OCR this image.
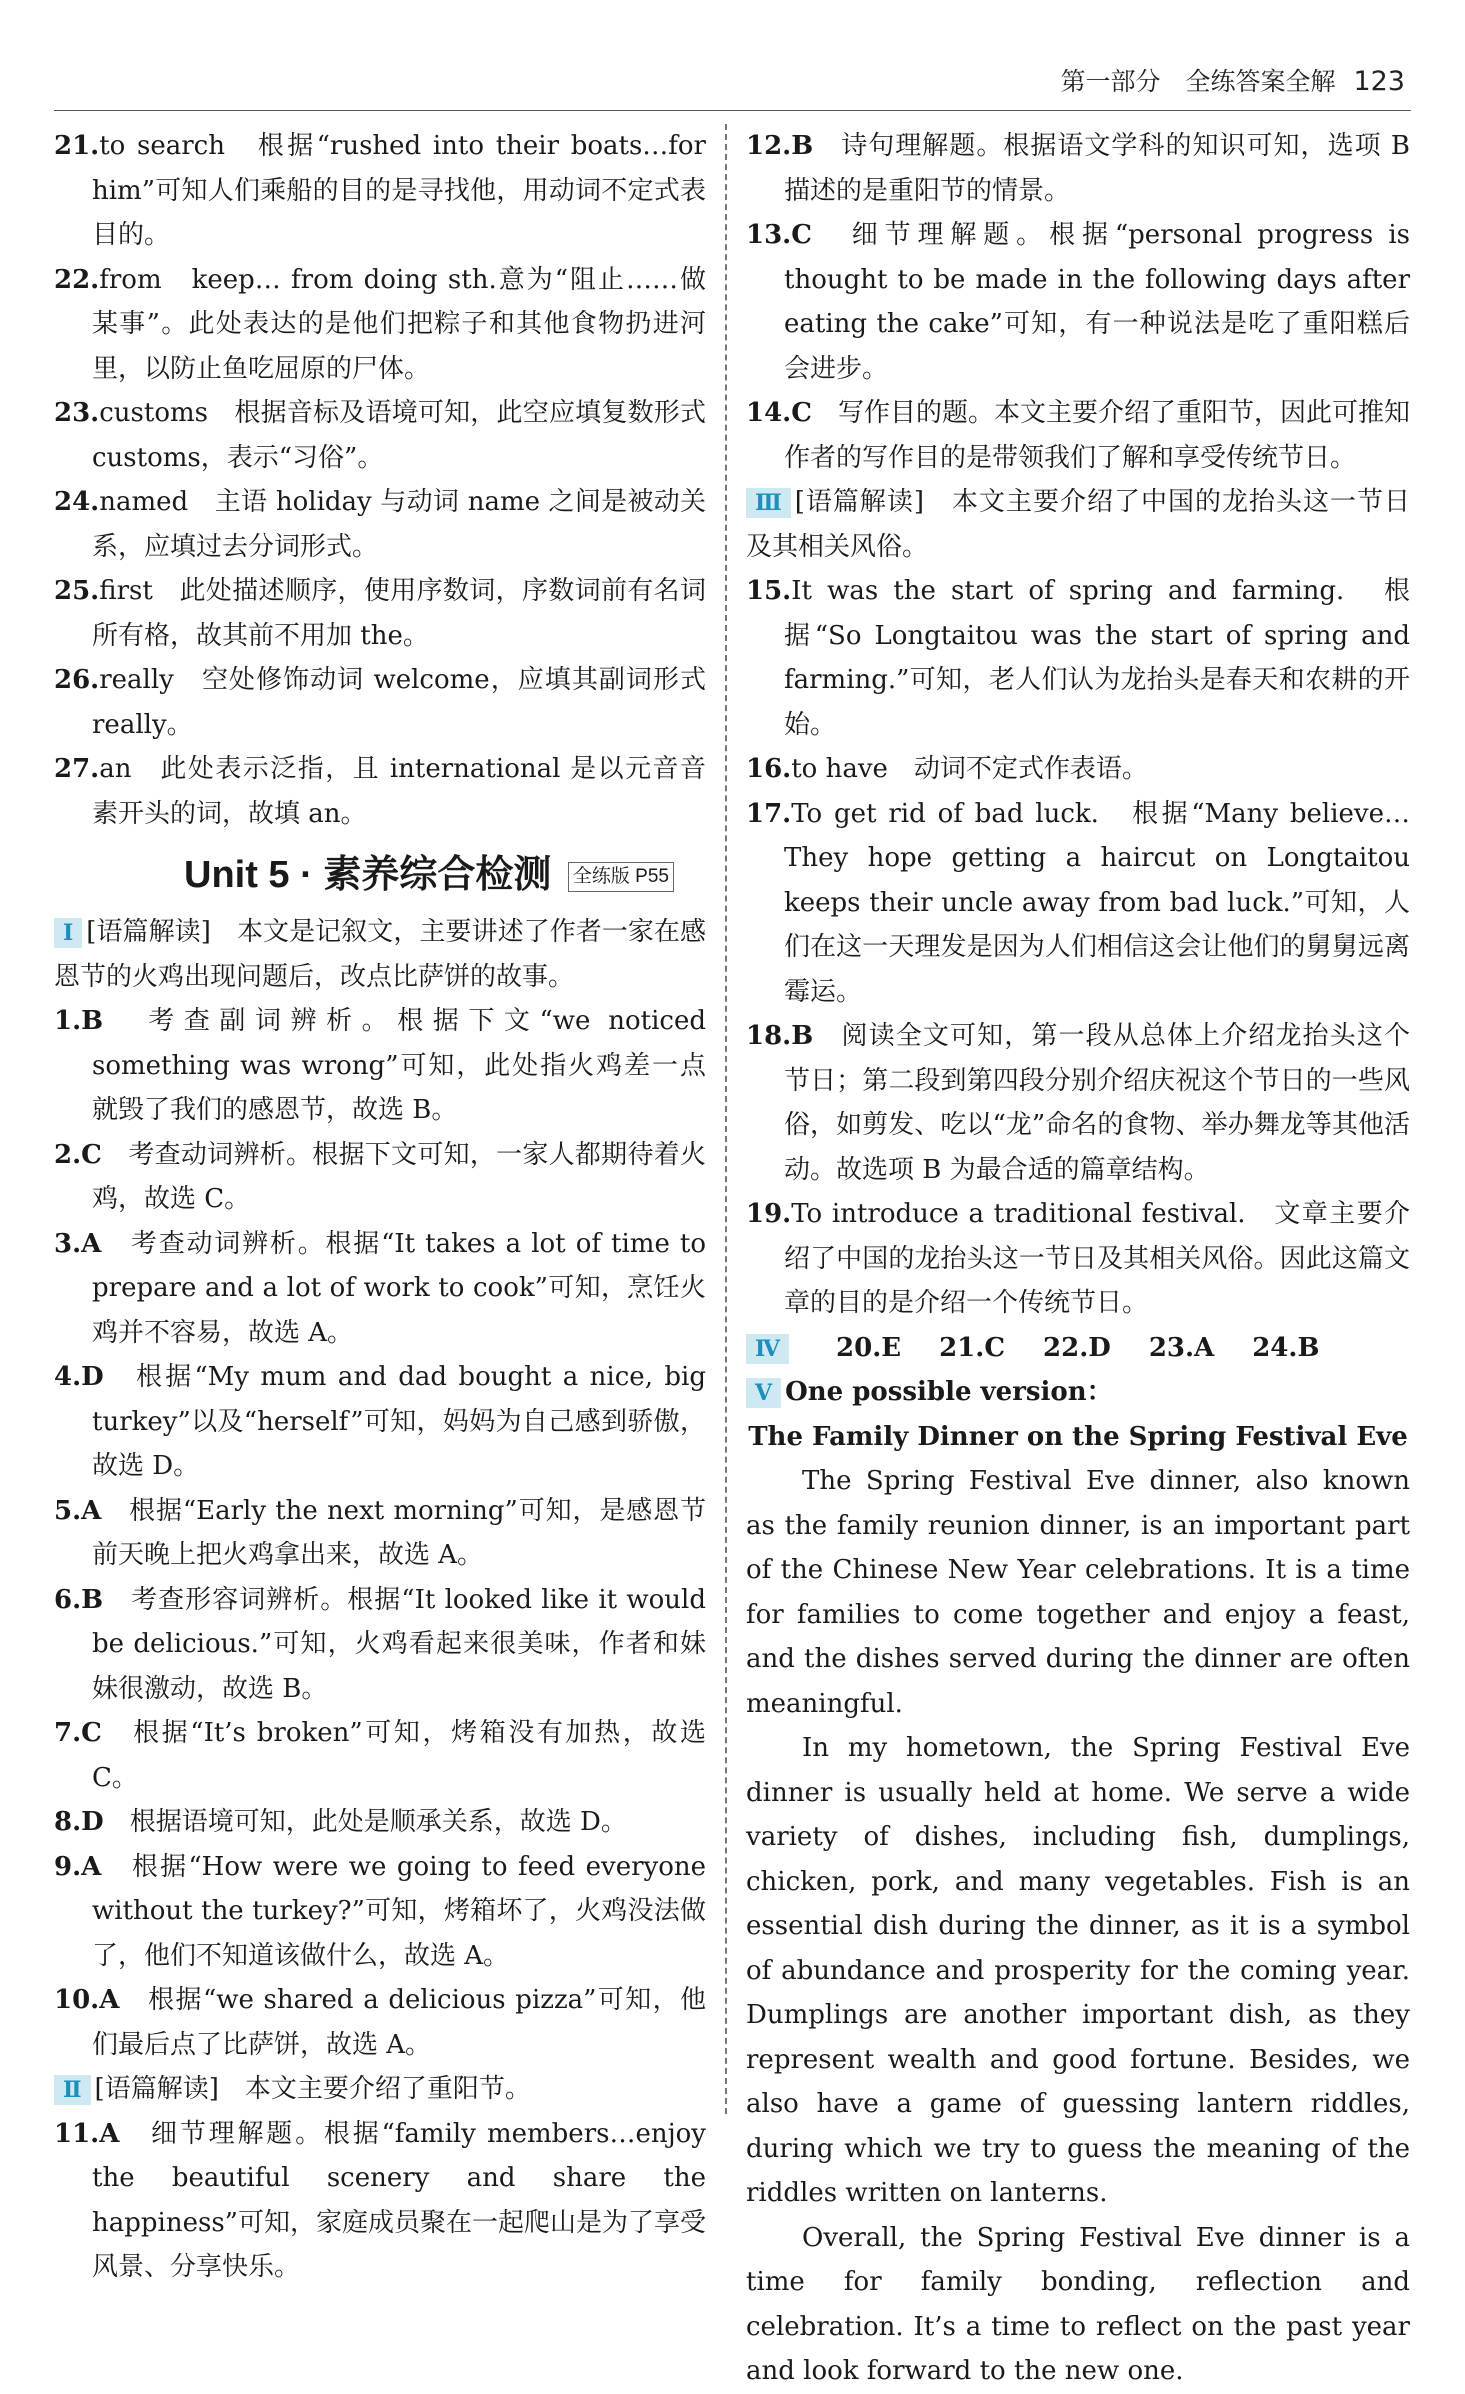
第一部分　全练答案全解 123
21.to search　根据“rushed into their boats…for him”可知人们乘船的目的是寻找他，用动词不定式表目的。
22.from　keep… from doing sth.意为“阻止……做某事”。此处表达的是他们把粽子和其他食物扔进河里，以防止鱼吃屈原的尸体。
23.customs　根据音标及语境可知，此空应填复数形式 customs，表示“习俗”。
24.named　主语 holiday 与动词 name 之间是被动关系，应填过去分词形式。
25.first　此处描述顺序，使用序数词，序数词前有名词所有格，故其前不用加 the。
26.really　空处修饰动词 welcome，应填其副词形式 really。
27.an　此处表示泛指，且 international 是以元音音素开头的词，故填 an。
Unit 5 · 素养综合检测 全练版 P55
Ⅰ [语篇解读]　本文是记叙文，主要讲述了作者一家在感恩节的火鸡出现问题后，改点比萨饼的故事。
1.B　考查副词辨析。根据下文“we noticed something was wrong”可知，此处指火鸡差一点就毁了我们的感恩节，故选 B。
2.C　考查动词辨析。根据下文可知，一家人都期待着火鸡，故选 C。
3.A　考查动词辨析。根据“It takes a lot of time to prepare and a lot of work to cook”可知，烹饪火鸡并不容易，故选 A。
4.D　根据“My mum and dad bought a nice, big turkey”以及“herself”可知，妈妈为自己感到骄傲，故选 D。
5.A　根据“Early the next morning”可知，是感恩节前天晚上把火鸡拿出来，故选 A。
6.B　考查形容词辨析。根据“It looked like it would be delicious.”可知，火鸡看起来很美味，作者和妹妹很激动，故选 B。
7.C　根据“It’s broken”可知，烤箱没有加热，故选 C。
8.D　根据语境可知，此处是顺承关系，故选 D。
9.A　根据“How were we going to feed everyone without the turkey?”可知，烤箱坏了，火鸡没法做了，他们不知道该做什么，故选 A。
10.A　根据“we shared a delicious pizza”可知，他们最后点了比萨饼，故选 A。
Ⅱ [语篇解读]　本文主要介绍了重阳节。
11.A　细节理解题。根据“family members…enjoy the beautiful scenery and share the happiness”可知，家庭成员聚在一起爬山是为了享受风景、分享快乐。
12.B　诗句理解题。根据语文学科的知识可知，选项 B 描述的是重阳节的情景。
13.C　细节理解题。根据“personal progress is thought to be made in the following days after eating the cake”可知，有一种说法是吃了重阳糕后会进步。
14.C　写作目的题。本文主要介绍了重阳节，因此可推知作者的写作目的是带领我们了解和享受传统节日。
Ⅲ [语篇解读]　本文主要介绍了中国的龙抬头这一节日及其相关风俗。
15.It was the start of spring and farming.　根据“So Longtaitou was the start of spring and farming.”可知，老人们认为龙抬头是春天和农耕的开始。
16.to have　动词不定式作表语。
17.To get rid of bad luck.　根据“Many believe…They hope getting a haircut on Longtaitou keeps their uncle away from bad luck.”可知，人们在这一天理发是因为人们相信这会让他们的舅舅远离霉运。
18.B　阅读全文可知，第一段从总体上介绍龙抬头这个节日；第二段到第四段分别介绍庆祝这个节日的一些风俗，如剪发、吃以“龙”命名的食物、举办舞龙等其他活动。故选项 B 为最合适的篇章结构。
19.To introduce a traditional festival.　文章主要介绍了中国的龙抬头这一节日及其相关风俗。因此这篇文章的目的是介绍一个传统节日。
Ⅳ 20.E 21.C 22.D 23.A 24.B
Ⅴ One possible version：
The Family Dinner on the Spring Festival Eve
The Spring Festival Eve dinner, also known as the family reunion dinner, is an important part of the Chinese New Year celebrations. It is a time for families to come together and enjoy a feast, and the dishes served during the dinner are often meaningful.
In my hometown, the Spring Festival Eve dinner is usually held at home. We serve a wide variety of dishes, including fish, dumplings, chicken, pork, and many vegetables. Fish is an essential dish during the dinner, as it is a symbol of abundance and prosperity for the coming year. Dumplings are another important dish, as they represent wealth and good fortune. Besides, we also have a game of guessing lantern riddles, during which we try to guess the meaning of the riddles written on lanterns.
Overall, the Spring Festival Eve dinner is a time for family bonding, reflection and celebration. It’s a time to reflect on the past year and look forward to the new one.
